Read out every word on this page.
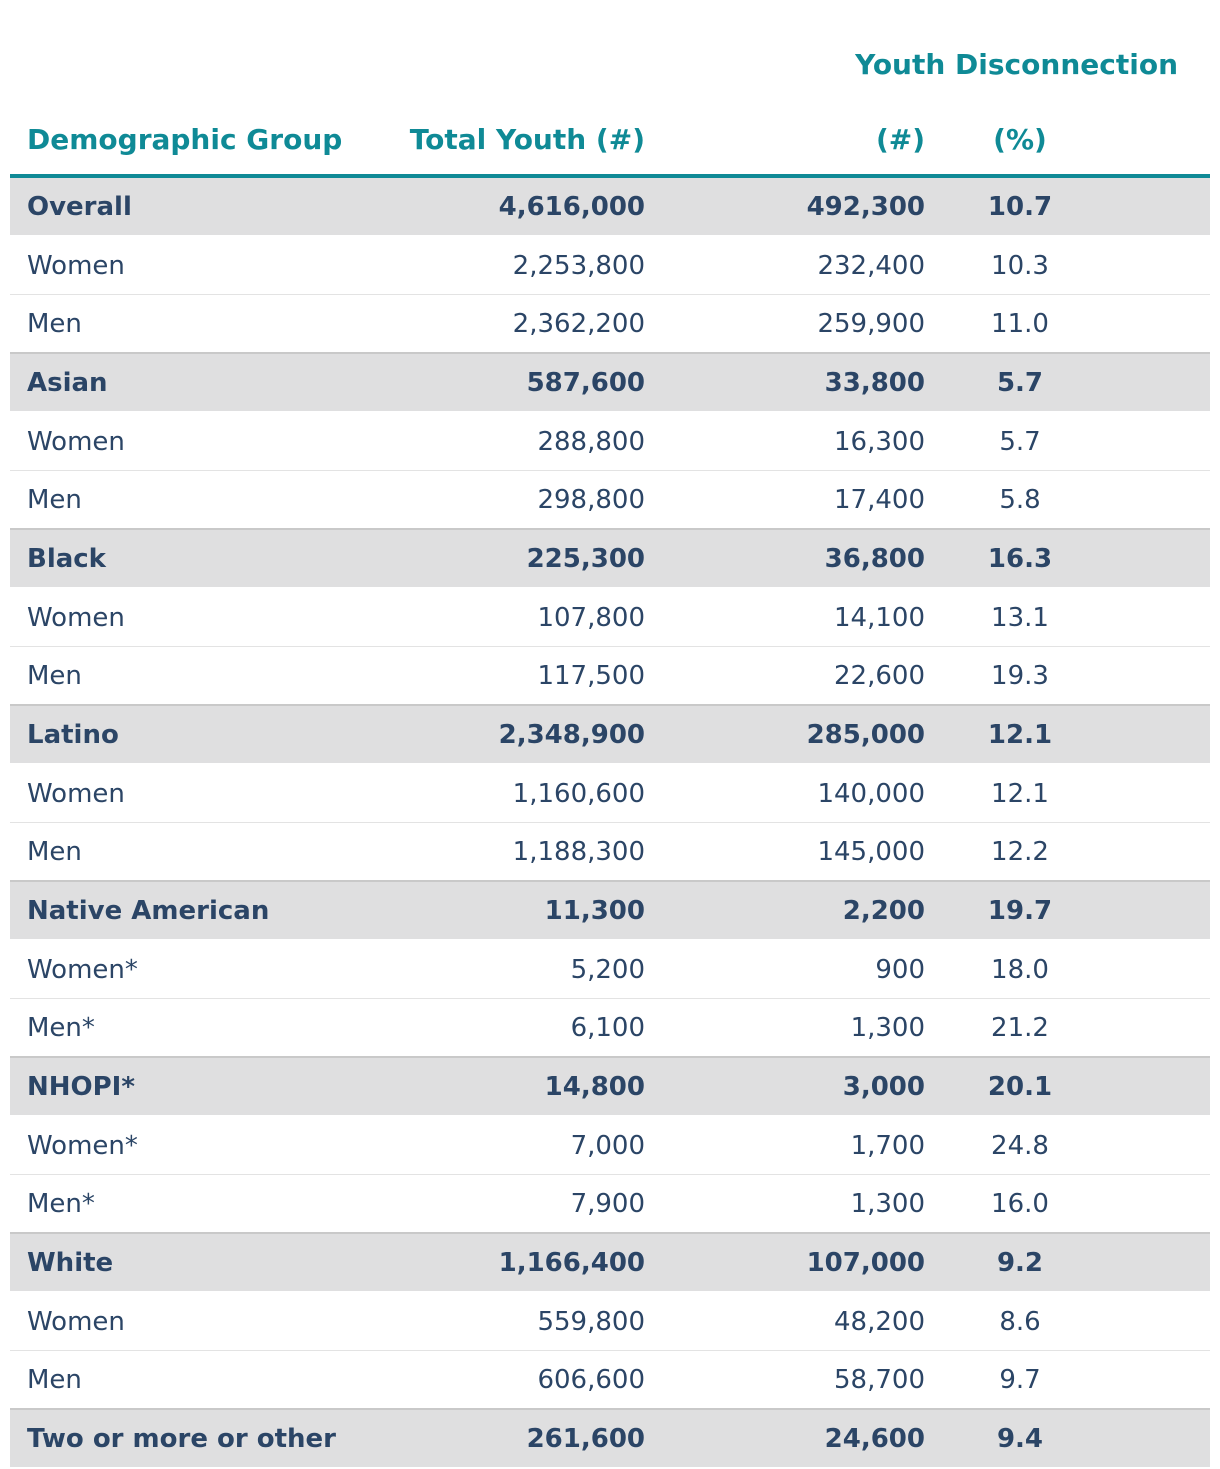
Youth Disconnection
Demographic Group	Total Youth (#)	(#)	(%)
Overall	4,616,000	492,300	10.7
Women	2,253,800	232,400	10.3
Men	2,362,200	259,900	11.0
Asian	587,600	33,800	5.7
Women	288,800	16,300	5.7
Men	298,800	17,400	5.8
Black	225,300	36,800	16.3
Women	107,800	14,100	13.1
Men	117,500	22,600	19.3
Latino	2,348,900	285,000	12.1
Women	1,160,600	140,000	12.1
Men	1,188,300	145,000	12.2
Native American	11,300	2,200	19.7
Women*	5,200	900	18.0
Men*	6,100	1,300	21.2
NHOPI*	14,800	3,000	20.1
Women*	7,000	1,700	24.8
Men*	7,900	1,300	16.0
White	1,166,400	107,000	9.2
Women	559,800	48,200	8.6
Men	606,600	58,700	9.7
Two or more or other	261,600	24,600	9.4
